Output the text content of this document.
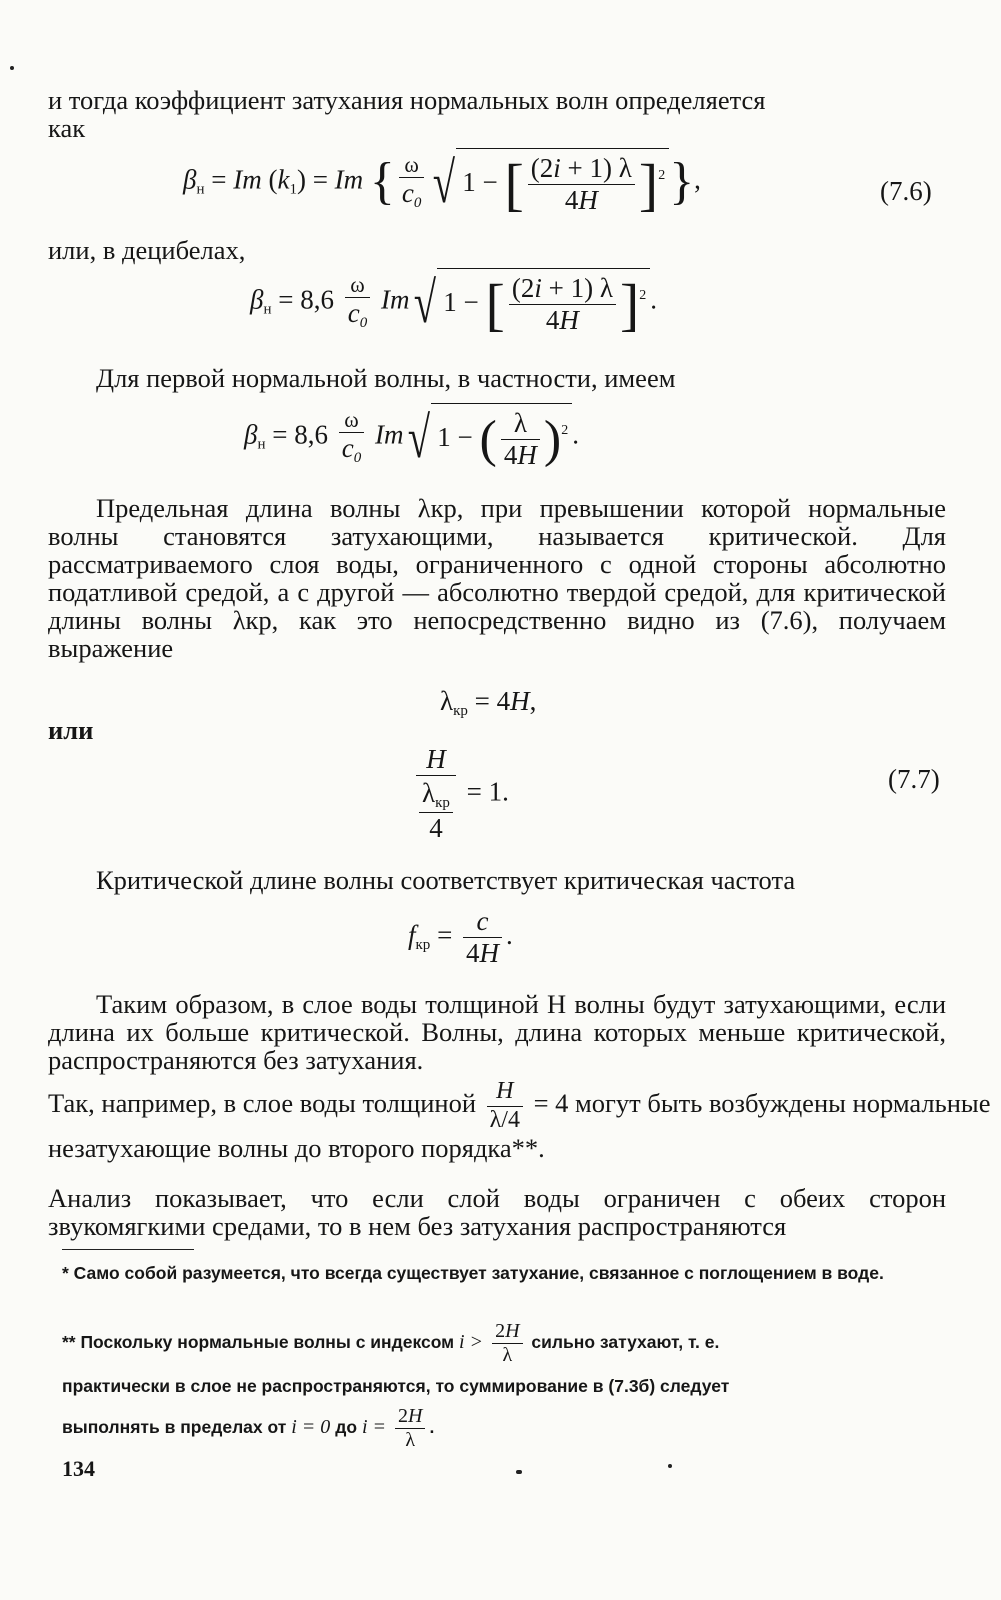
и тогда коэффициент затухания нормальных волн определяется
как
$\beta_н = Im$ $(k_1) = Im$ { $\frac{\omega}{c_0}$ √ 1 − [ $\frac{(2i + 1) \lambda}{4H} ]^2$},	(7.6)
или, в децибелах,
$\beta_н = 8,6 \frac{\omega}{c_0} Im√$ 1 − [ $\frac{(2i + 1) \lambda}{4H} ]^2$ .
Для первой нормальной волны, в частности, имеем
$\beta_н = 8,6 \frac{\omega}{c_0} Im√$ 1 − ( $\frac{\lambda}{4H} )^2$ .
Предельная длина волны λкр, при превышении которой нормальные волны становятся затухающими, называется критической. Для рассматриваемого слоя воды, ограниченного с одной стороны абсолютно податливой средой, а с другой — абсолютно твердой средой, для критической длины волны λкр, как это непосредственно видно из (7.6), получаем выражение
$\lambda_{кр} = 4H$,
или
$\frac{H}{\frac{\lambda_{кр}}{4}} = 1$.	(7.7)
Критической длине волны соответствует критическая частота
$f_{кр} = \frac{c}{4H}$ .
Таким образом, в слое воды толщиной H волны будут затухающими, если длина их больше критической. Волны, длина которых меньше критической, распространяются без затухания.
Так, например, в слое воды толщиной $\frac{H}{\lambda/4} = 4$ могут быть возбуждены нормальные незатухающие волны до второго порядка**.
Анализ показывает, что если слой воды ограничен с обеих сторон звукомягкими средами, то в нем без затухания распространяются
* Само собой разумеется, что всегда существует затухание, связанное с поглощением в воде.
** Поскольку нормальные волны с индексом $i > \frac{2H}{\lambda}$ сильно затухают, т. е.
практически в слое не распространяются, то суммирование в (7.3б) следует
выполнять в пределах от i = 0 до $i = \frac{2H}{\lambda}$ .
134
